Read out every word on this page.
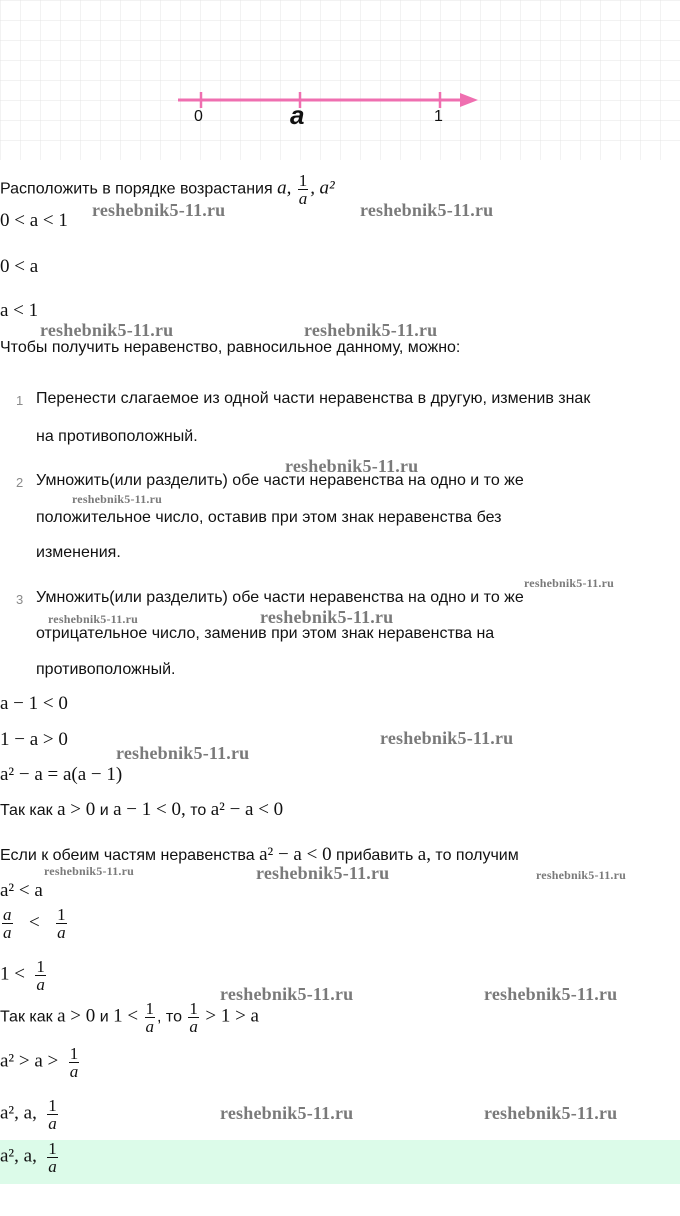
0	a	1
Расположить в порядке возрастания a, $\frac{1}{a}$ , a²
0 < a < 1
0 < a
a < 1
Чтобы получить неравенство, равносильное данному, можно:
1 Перенести слагаемое из одной части неравенства в другую, изменив знак
на противоположный.
2 Умножить(или разделить) обе части неравенства на одно и то же
положительное число, оставив при этом знак неравенства без
изменения.
3 Умножить(или разделить) обе части неравенства на одно и то же
отрицательное число, заменив при этом знак неравенства на
противоположный.
a − 1 < 0
1 − a > 0
a² − a = a(a − 1)
Так как a > 0 и a − 1 < 0, то a² − a < 0
Если к обеим частям неравенства a² − a < 0 прибавить a, то получим
a² < a
$\frac{a}{a} < \frac{1}{a}$
$1 < \frac{1}{a}$
Так как a > 0 и $1 < \frac{1}{a}$ , то $\frac{1}{a} > 1 > a$
$a^2 > a > \frac{1}{a}$
a², a, $\frac{1}{a}$
a², a, $\frac{1}{a}$
reshebnik5-11.ru	reshebnik5-11.ru
reshebnik5-11.ru	reshebnik5-11.ru
reshebnik5-11.ru
reshebnik5-11.ru
reshebnik5-11.ru
reshebnik5-11.ru	reshebnik5-11.ru
reshebnik5-11.ru
reshebnik5-11.ru
reshebnik5-11.ru	reshebnik5-11.ru	reshebnik5-11.ru
reshebnik5-11.ru	reshebnik5-11.ru
reshebnik5-11.ru	reshebnik5-11.ru
